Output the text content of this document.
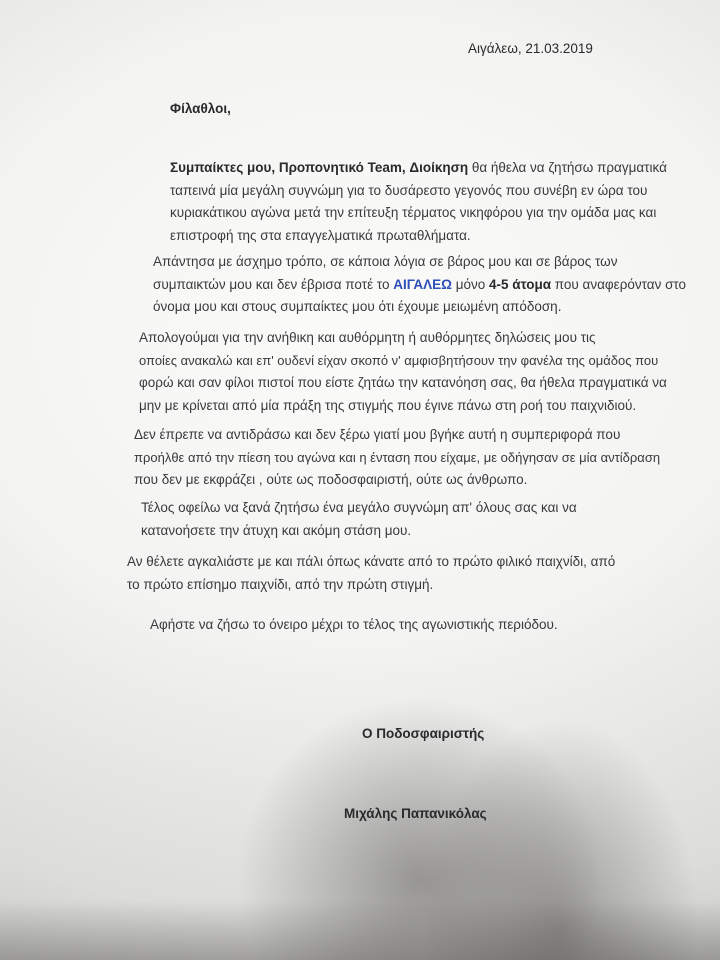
Αιγάλεω, 21.03.2019
Φίλαθλοι,

Συμπαίκτες μου, Προπονητικό Team, Διοίκηση θα ήθελα να ζητήσω πραγματικά
ταπεινά μία μεγάλη συγνώμη για το δυσάρεστο γεγονός που συνέβη εν ώρα του
κυριακάτικου αγώνα μετά την επίτευξη τέρματος νικηφόρου για την ομάδα μας και
επιστροφή της στα επαγγελματικά πρωταθλήματα.

Απάντησα με άσχημο τρόπο, σε κάποια λόγια σε βάρος μου και σε βάρος των
συμπαικτών μου και δεν έβρισα ποτέ το ΑΙΓΑΛΕΩ μόνο 4-5 άτομα που αναφερόνταν στο
όνομα μου και στους συμπαίκτες μου ότι έχουμε μειωμένη απόδοση.

Απολογούμαι για την ανήθικη και αυθόρμητη ή αυθόρμητες δηλώσεις μου τις
οποίες ανακαλώ και επ' ουδενί είχαν σκοπό ν' αμφισβητήσουν την φανέλα της ομάδος που
φορώ και σαν φίλοι πιστοί που είστε ζητάω την κατανόηση σας, θα ήθελα πραγματικά να
μην με κρίνεται από μία πράξη της στιγμής που έγινε πάνω στη ροή του παιχνιδιού.

Δεν έπρεπε να αντιδράσω και δεν ξέρω γιατί μου βγήκε αυτή η συμπεριφορά που
προήλθε από την πίεση του αγώνα και η ένταση που είχαμε, με οδήγησαν σε μία αντίδραση
που δεν με εκφράζει , ούτε ως ποδοσφαιριστή, ούτε ως άνθρωπο.

Τέλος οφείλω να ξανά ζητήσω ένα μεγάλο συγνώμη απ' όλους σας και να
κατανοήσετε την άτυχη και ακόμη στάση μου.

Αν θέλετε αγκαλιάστε με και πάλι όπως κάνατε από το πρώτο φιλικό παιχνίδι, από
το πρώτο επίσημο παιχνίδι, από την πρώτη στιγμή.

Αφήστε να ζήσω το όνειρο μέχρι το τέλος της αγωνιστικής περιόδου.

Ο Ποδοσφαιριστής
Μιχάλης Παπανικόλας
